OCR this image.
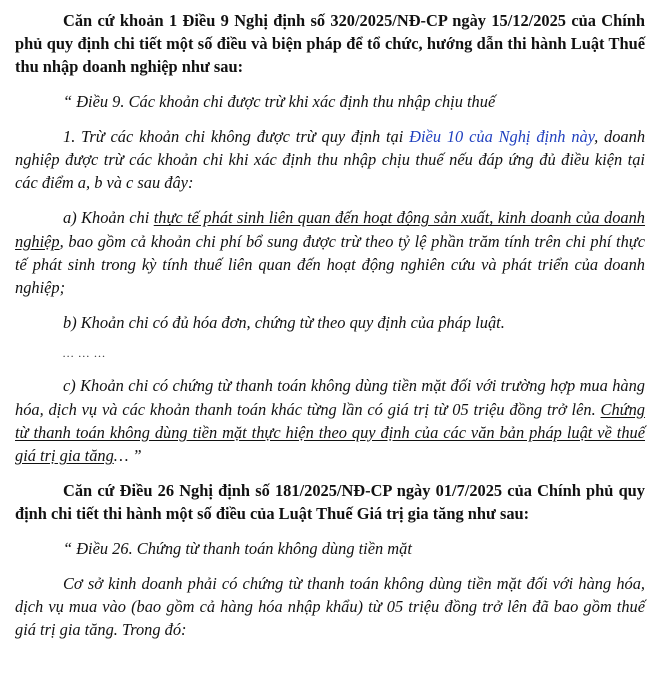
Căn cứ khoản 1 Điều 9 Nghị định số 320/2025/NĐ-CP ngày 15/12/2025 của Chính phủ quy định chi tiết một số điều và biện pháp để tổ chức, hướng dẫn thi hành Luật Thuế thu nhập doanh nghiệp như sau:

“ Điều 9. Các khoản chi được trừ khi xác định thu nhập chịu thuế

1. Trừ các khoản chi không được trừ quy định tại Điều 10 của Nghị định này, doanh nghiệp được trừ các khoản chi khi xác định thu nhập chịu thuế nếu đáp ứng đủ điều kiện tại các điểm a, b và c sau đây:

a) Khoản chi thực tế phát sinh liên quan đến hoạt động sản xuất, kinh doanh của doanh nghiệp, bao gồm cả khoản chi phí bổ sung được trừ theo tỷ lệ phần trăm tính trên chi phí thực tế phát sinh trong kỳ tính thuế liên quan đến hoạt động nghiên cứu và phát triển của doanh nghiệp;

b) Khoản chi có đủ hóa đơn, chứng từ theo quy định của pháp luật.

… … …

c) Khoản chi có chứng từ thanh toán không dùng tiền mặt đối với trường hợp mua hàng hóa, dịch vụ và các khoản thanh toán khác từng lần có giá trị từ 05 triệu đồng trở lên. Chứng từ thanh toán không dùng tiền mặt thực hiện theo quy định của các văn bản pháp luật về thuế giá trị gia tăng… ”

Căn cứ Điều 26 Nghị định số 181/2025/NĐ-CP ngày 01/7/2025 của Chính phủ quy định chi tiết thi hành một số điều của Luật Thuế Giá trị gia tăng như sau:

“ Điều 26. Chứng từ thanh toán không dùng tiền mặt

Cơ sở kinh doanh phải có chứng từ thanh toán không dùng tiền mặt đối với hàng hóa, dịch vụ mua vào (bao gồm cả hàng hóa nhập khẩu) từ 05 triệu đồng trở lên đã bao gồm thuế giá trị gia tăng. Trong đó:
